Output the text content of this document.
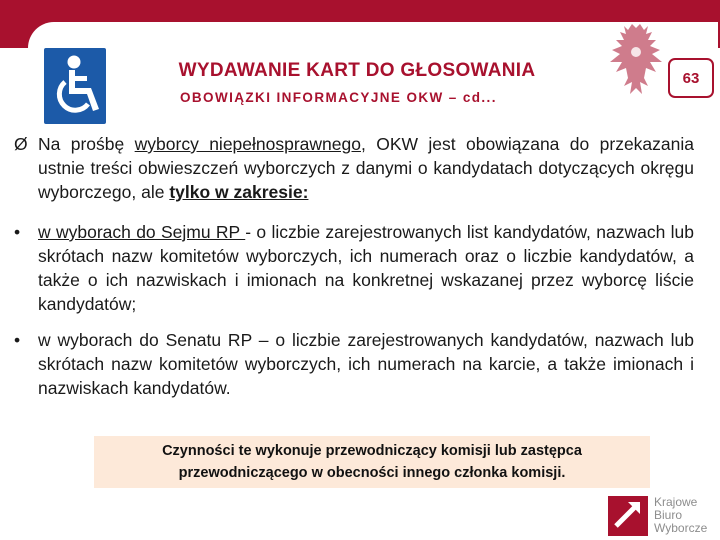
WYDAWANIE KART DO GŁOSOWANIA
OBOWIĄZKI INFORMACYJNE OKW – cd...
63
Ø Na prośbę wyborcy niepełnosprawnego, OKW jest obowiązana do przekazania ustnie treści obwieszczeń wyborczych z danymi o kandydatach dotyczących okręgu wyborczego, ale tylko w zakresie:
•	w wyborach do Sejmu RP - o liczbie zarejestrowanych list kandydatów, nazwach lub skrótach nazw komitetów wyborczych, ich numerach oraz o liczbie kandydatów, a także o ich nazwiskach i imionach na konkretnej wskazanej przez wyborcę liście kandydatów;
•	w wyborach do Senatu RP – o liczbie zarejestrowanych kandydatów, nazwach lub skrótach nazw komitetów wyborczych, ich numerach na karcie, a także imionach i nazwiskach kandydatów.
Czynności te wykonuje przewodniczący komisji lub zastępca
przewodniczącego w obecności innego członka komisji.
Krajowe
Biuro
Wyborcze
